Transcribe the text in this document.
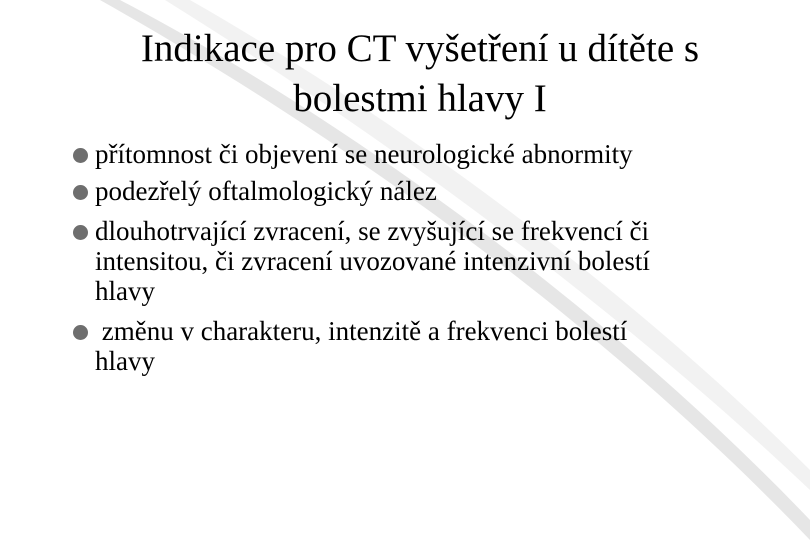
Indikace pro CT vyšetření u dítěte s
bolestmi hlavy I
přítomnost či objevení se neurologické abnormity
podezřelý oftalmologický nález
dlouhotrvající zvracení, se zvyšující se frekvencí či
intensitou, či zvracení uvozované intenzivní bolestí
hlavy
změnu v charakteru, intenzitě a frekvenci bolestí
hlavy
